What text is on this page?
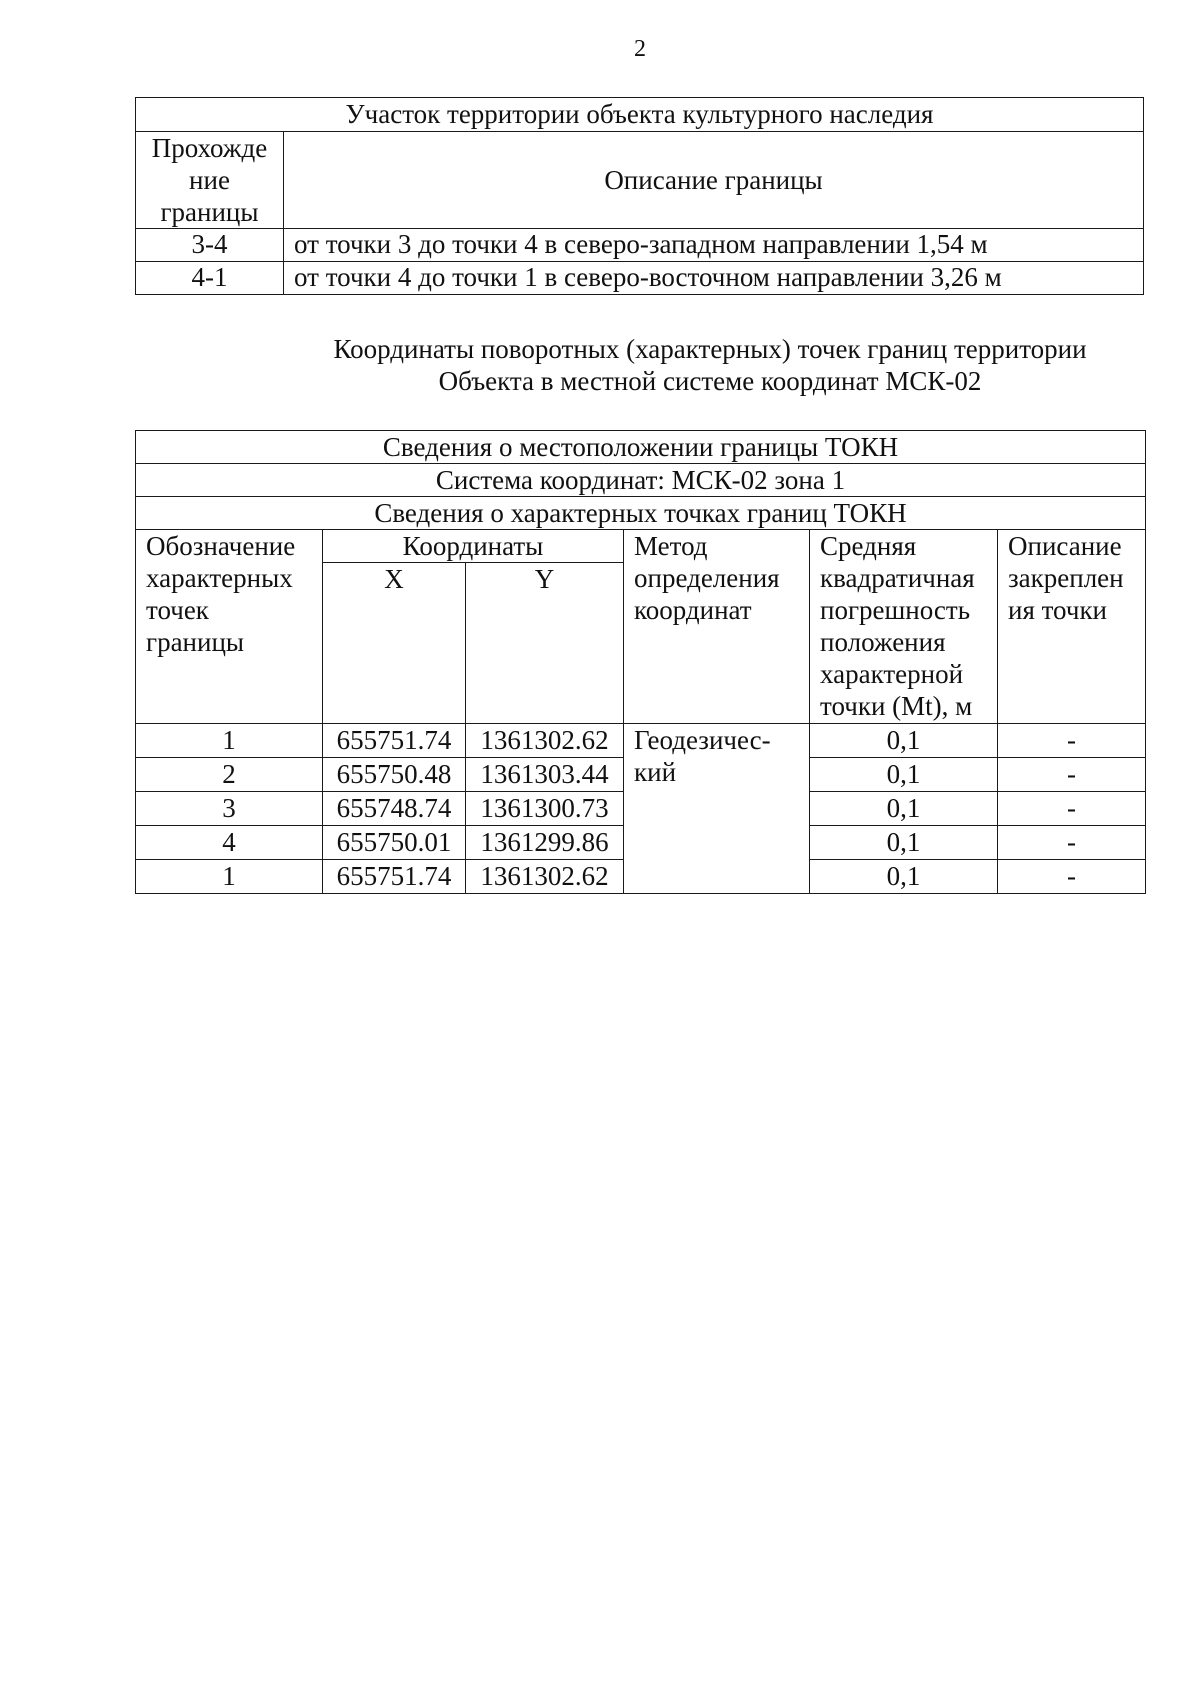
2
Участок территории объекта культурного наследия	
Прохожде ние границы	Описание границы
3-4	от точки 3 до точки 4 в северо-западном направлении 1,54 м
4-1	от точки 4 до точки 1 в северо-восточном направлении 3,26 м
Координаты поворотных (характерных) точек границ территории
Объекта в местной системе координат МСК-02
Сведения о местоположении границы ТОКН					
Система координат: МСК-02 зона 1					
Сведения о характерных точках границ ТОКН					
Обозначение характерных точек границы	Координаты		Метод определения координат	Средняя квадратичная погрешность положения характерной точки (Mt), м	Описание закреплен ия точки
	X	Y			
1	655751.74	1361302.62	Геодезичес- кий	0,1	-
2	655750.48	1361303.44		0,1	-
3	655748.74	1361300.73		0,1	-
4	655750.01	1361299.86		0,1	-
1	655751.74	1361302.62		0,1	-
